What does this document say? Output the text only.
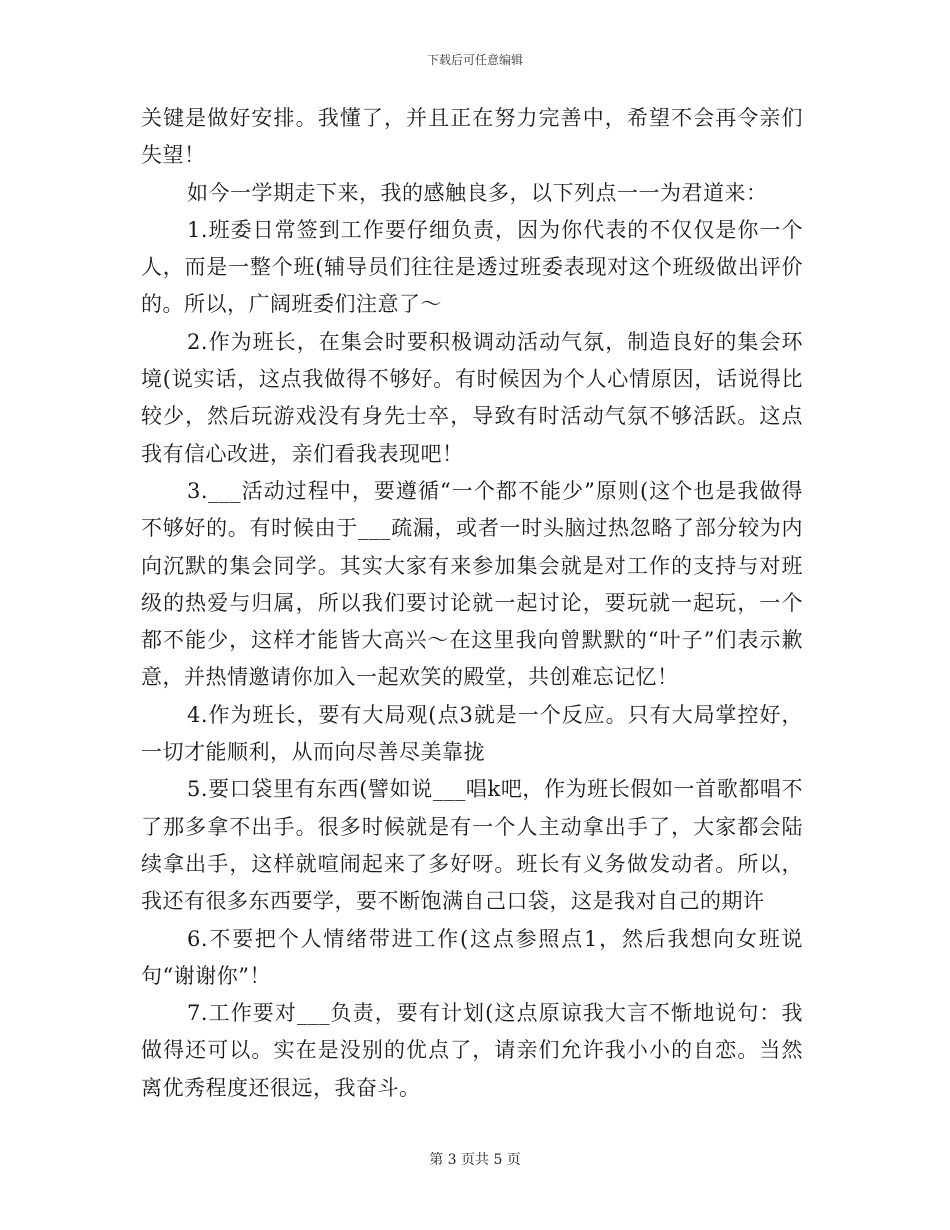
下载后可任意编辑

关键是做好安排。我懂了，并且正在努力完善中，希望不会再令亲们失望！

如今一学期走下来，我的感触良多，以下列点一一为君道来：

1.班委日常签到工作要仔细负责，因为你代表的不仅仅是你一个人，而是一整个班(辅导员们往往是透过班委表现对这个班级做出评价的。所以，广阔班委们注意了～

2.作为班长，在集会时要积极调动活动气氛，制造良好的集会环境(说实话，这点我做得不够好。有时候因为个人心情原因，话说得比较少，然后玩游戏没有身先士卒，导致有时活动气氛不够活跃。这点我有信心改进，亲们看我表现吧！

3.___活动过程中，要遵循“一个都不能少”原则(这个也是我做得不够好的。有时候由于___疏漏，或者一时头脑过热忽略了部分较为内向沉默的集会同学。其实大家有来参加集会就是对工作的支持与对班级的热爱与归属，所以我们要讨论就一起讨论，要玩就一起玩，一个都不能少，这样才能皆大高兴～在这里我向曾默默的“叶子”们表示歉意，并热情邀请你加入一起欢笑的殿堂，共创难忘记忆！

4.作为班长，要有大局观(点3就是一个反应。只有大局掌控好，一切才能顺利，从而向尽善尽美靠拢

5.要口袋里有东西(譬如说___唱k吧，作为班长假如一首歌都唱不了那多拿不出手。很多时候就是有一个人主动拿出手了，大家都会陆续拿出手，这样就喧闹起来了多好呀。班长有义务做发动者。所以，我还有很多东西要学，要不断饱满自己口袋，这是我对自己的期许

6.不要把个人情绪带进工作(这点参照点1，然后我想向女班说句“谢谢你”！

7.工作要对___负责，要有计划(这点原谅我大言不惭地说句：我做得还可以。实在是没别的优点了，请亲们允许我小小的自恋。当然离优秀程度还很远，我奋斗。

第 3 页共 5 页
